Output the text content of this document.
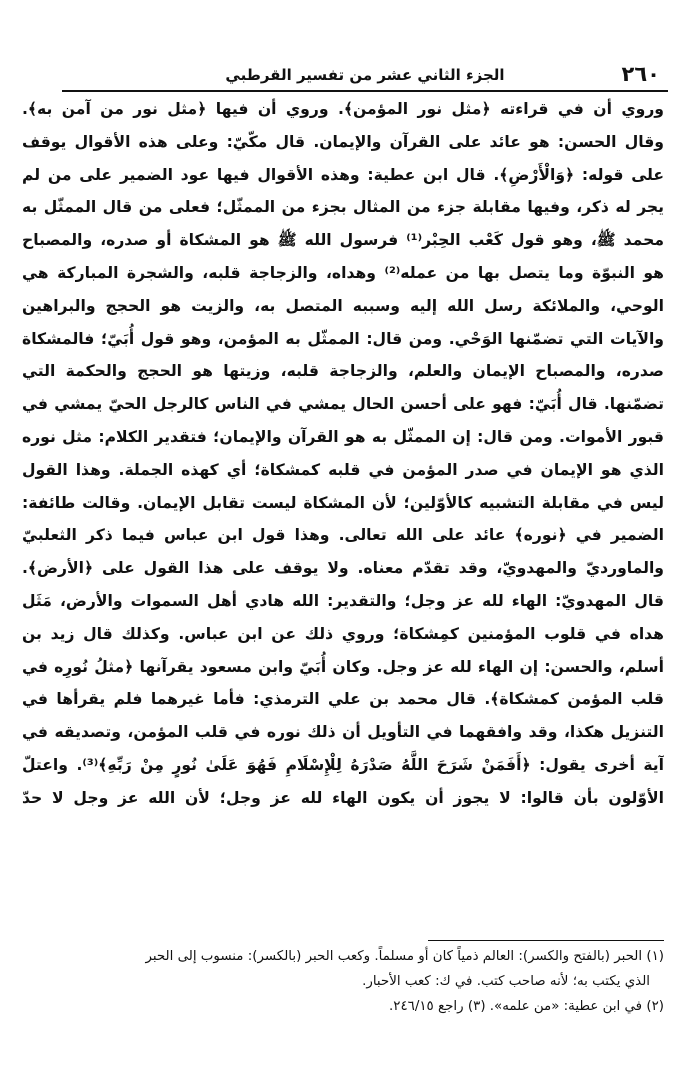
٢٦٠
الجزء الثاني عشر من تفسير القرطبي
وروي أن في قراءته ﴿مثل نور المؤمن﴾. وروي أن فيها ﴿مثل نور من آمن به﴾.
وقال الحسن: هو عائد على القرآن والإيمان. قال مكّيّ: وعلى هذه الأقوال يوقف
على قوله: ﴿وَالْأَرْضِ﴾. قال ابن عطية: وهذه الأقوال فيها عود الضمير على من لم
يجر له ذكر، وفيها مقابلة جزء من المثال بجزء من الممثّل؛ فعلى من قال الممثّل به
محمد ﷺ، وهو قول كَعْب الحِبْر⁽¹⁾ فرسول الله ﷺ هو المشكاة أو صدره، والمصباح
هو النبوّة وما يتصل بها من عمله⁽²⁾ وهداه، والزجاجة قلبه، والشجرة المباركة هي
الوحي، والملائكة رسل الله إليه وسببه المتصل به، والزيت هو الحجج والبراهين
والآيات التي تضمّنها الوَحْي. ومن قال: الممثّل به المؤمن، وهو قول أُبَيّ؛ فالمشكاة
صدره، والمصباح الإيمان والعلم، والزجاجة قلبه، وزيتها هو الحجج والحكمة التي
تضمّنها. قال أُبَيّ: فهو على أحسن الحال يمشي في الناس كالرجل الحيّ يمشي في
قبور الأموات. ومن قال: إن الممثّل به هو القرآن والإيمان؛ فتقدير الكلام: مثل نوره
الذي هو الإيمان في صدر المؤمن في قلبه كمشكاة؛ أي كهذه الجملة. وهذا القول
ليس في مقابلة التشبيه كالأوّلين؛ لأن المشكاة ليست تقابل الإيمان. وقالت طائفة:
الضمير في ﴿نوره﴾ عائد على الله تعالى. وهذا قول ابن عباس فيما ذكر الثعلبيّ
والماورديّ والمهدويّ، وقد تقدّم معناه. ولا يوقف على هذا القول على ﴿الأرض﴾.
قال المهدويّ: الهاء لله عز وجل؛ والتقدير: الله هادي أهل السموات والأرض، مَثَل
هداه في قلوب المؤمنين كمِشكاة؛ وروي ذلك عن ابن عباس. وكذلك قال زيد بن
أسلم، والحسن: إن الهاء لله عز وجل. وكان أُبَيّ وابن مسعود يقرآنها ﴿مثلُ نُورِه في
قلب المؤمن كمشكاة﴾. قال محمد بن علي الترمذي: فأما غيرهما فلم يقرأها في
التنزيل هكذا، وقد وافقهما في التأويل أن ذلك نوره في قلب المؤمن، وتصديقه في
آية أخرى يقول: ﴿أَفَمَنْ شَرَحَ اللَّهُ صَدْرَهُ لِلْإِسْلَامِ فَهُوَ عَلَىٰ نُورٍ مِنْ رَبِّهِ﴾⁽³⁾. واعتلّ
الأوّلون بأن قالوا: لا يجوز أن يكون الهاء لله عز وجل؛ لأن الله عز وجل لا حدّ
(١) الحبر (بالفتح والكسر): العالم ذمياً كان أو مسلماً. وكعب الحبر (بالكسر): منسوب إلى الحبر
الذي يكتب به؛ لأنه صاحب كتب. في ك: كعب الأحبار.
(٢) في ابن عطية: «من علمه». (٣) راجع ٢٤٦/١٥.
